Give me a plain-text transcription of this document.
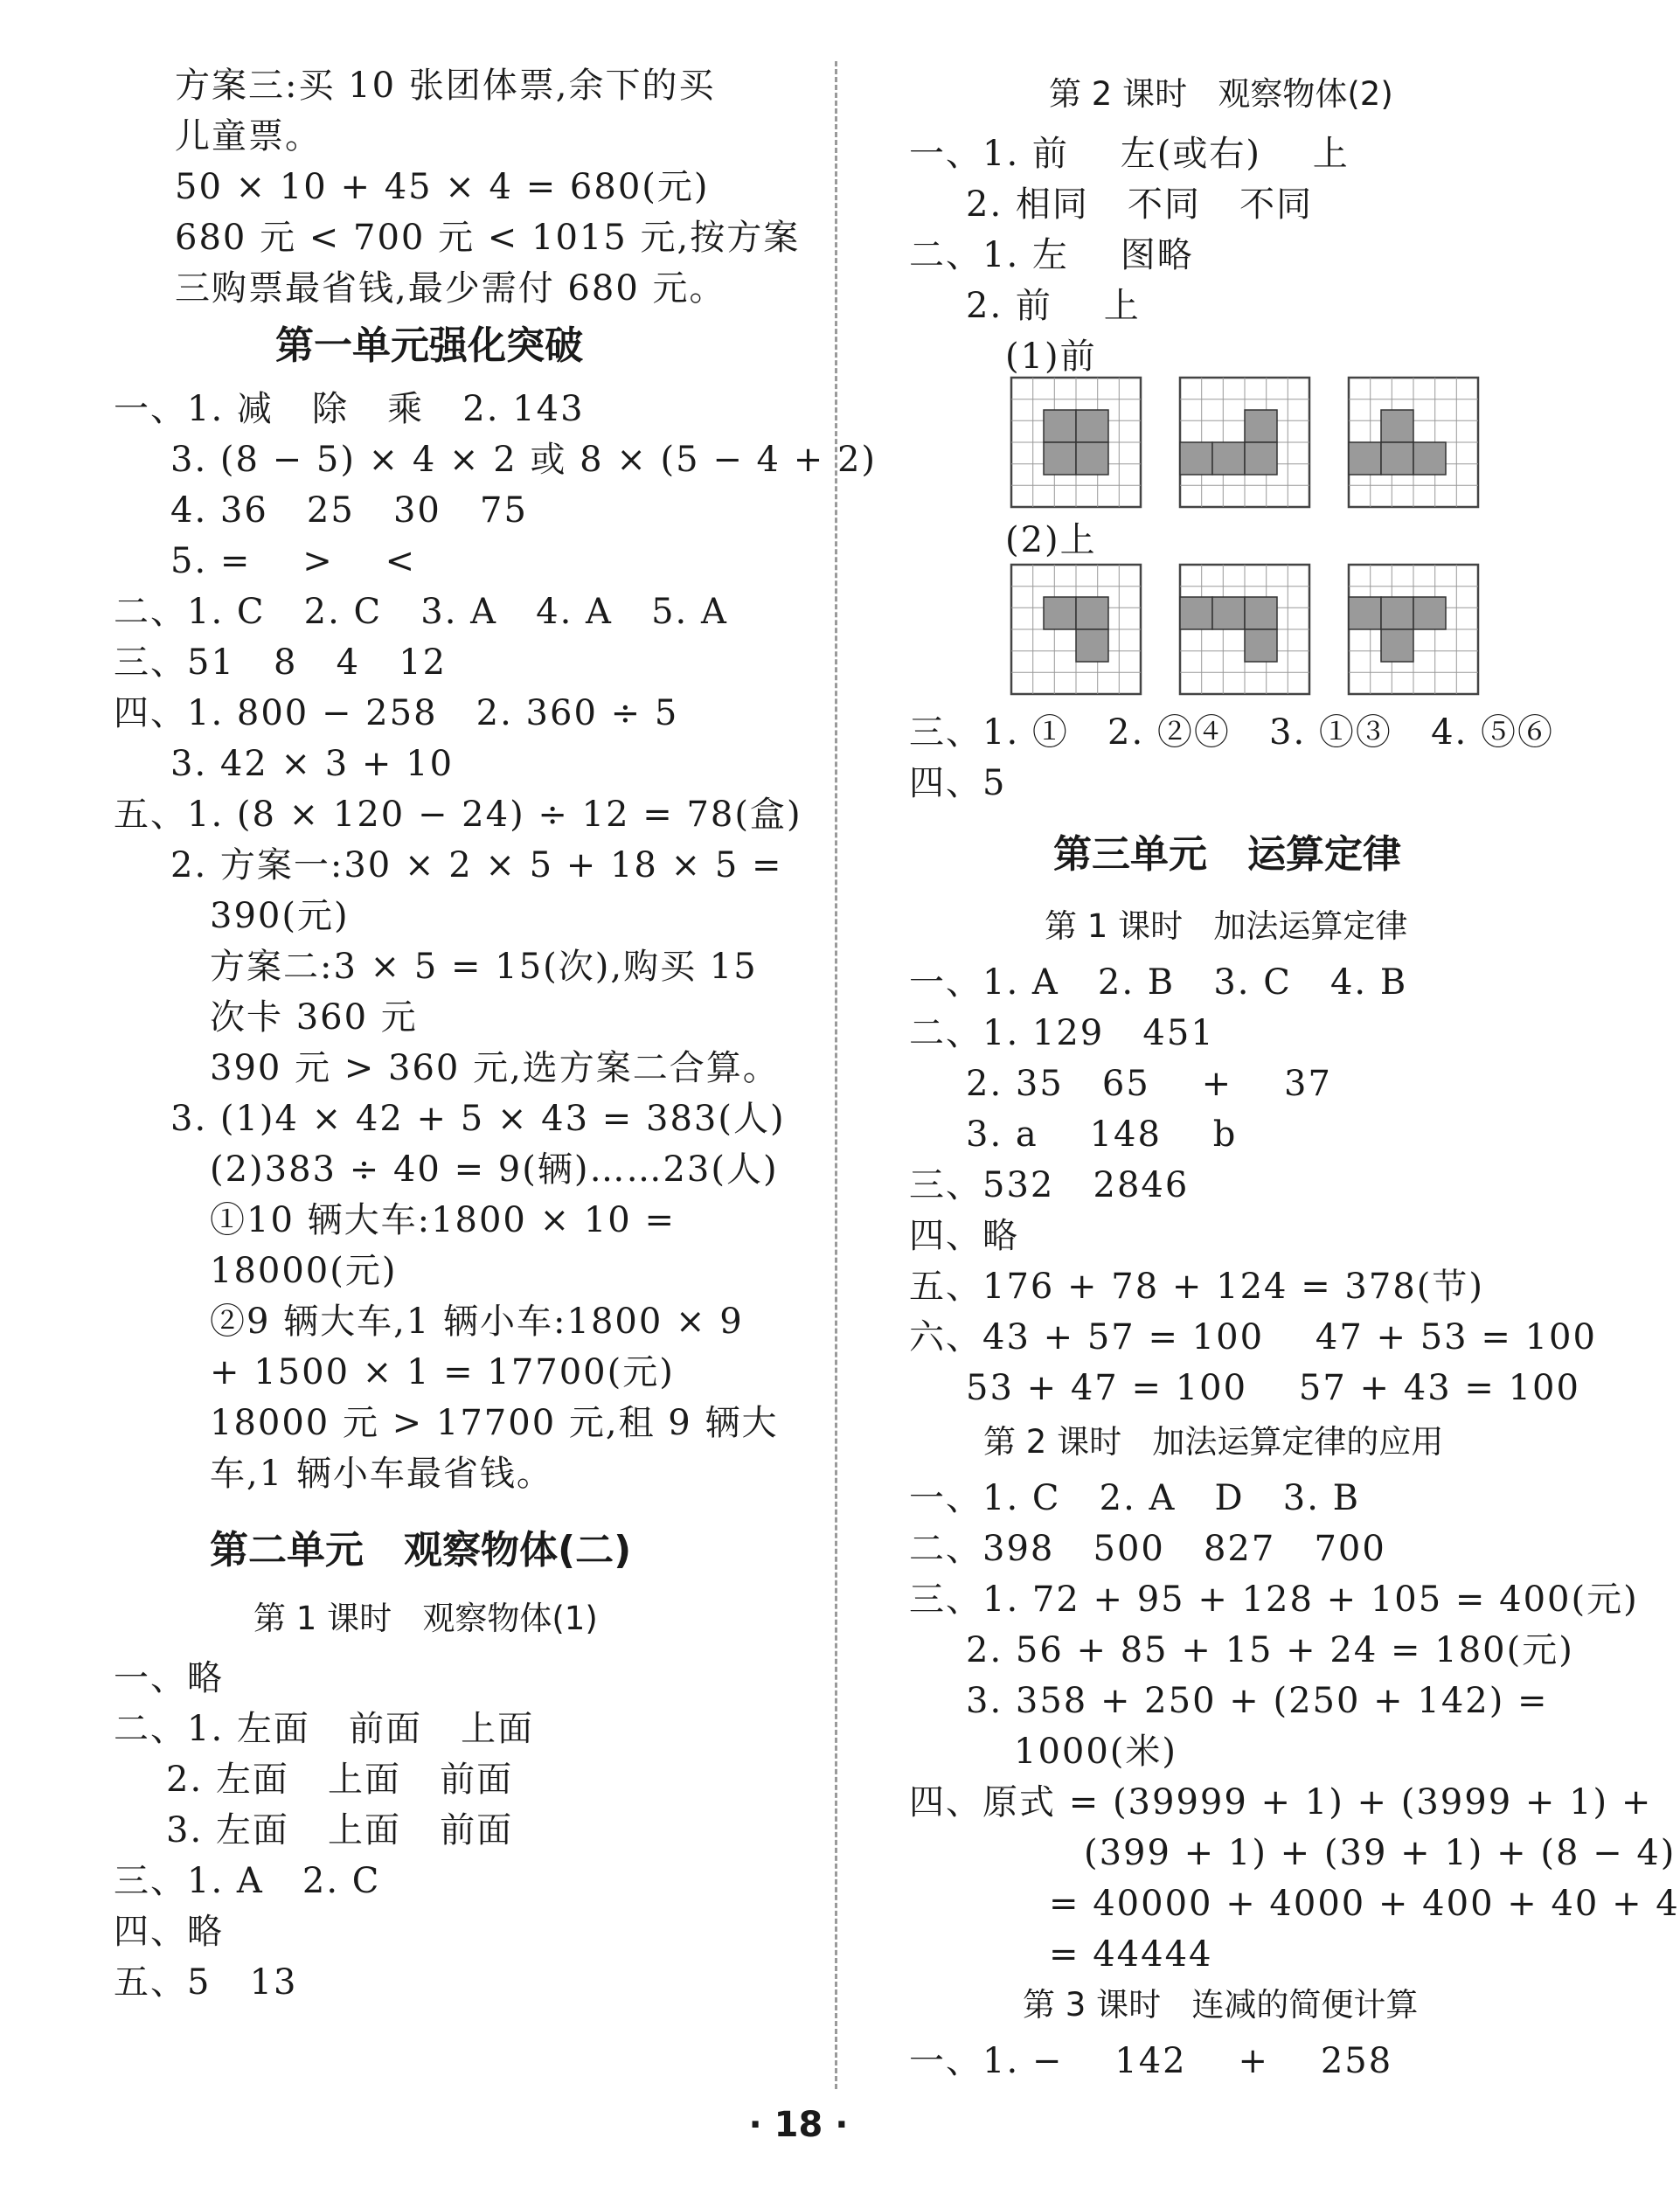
方案三:买 10 张团体票,余下的买
儿童票。
50 × 10 + 45 × 4 = 680(元)
680 元 < 700 元 < 1015 元,按方案
三购票最省钱,最少需付 680 元。
一、1. 减   除   乘   2. 143
3. (8 − 5) × 4 × 2 或 8 × (5 − 4 + 2)
4. 36   25   30   75
5. =    >    <
二、1. C   2. C   3. A   4. A   5. A
三、51   8   4   12
四、1. 800 − 258   2. 360 ÷ 5
3. 42 × 3 + 10
五、1. (8 × 120 − 24) ÷ 12 = 78(盒)
2. 方案一:30 × 2 × 5 + 18 × 5 =
390(元)
方案二:3 × 5 = 15(次),购买 15
次卡 360 元
390 元 > 360 元,选方案二合算。
3. (1)4 × 42 + 5 × 43 = 383(人)
(2)383 ÷ 40 = 9(辆)……23(人)
①10 辆大车:1800 × 10 =
18000(元)
②9 辆大车,1 辆小车:1800 × 9
+ 1500 × 1 = 17700(元)
18000 元 > 17700 元,租 9 辆大
车,1 辆小车最省钱。
一、略
二、1. 左面   前面   上面
2. 左面   上面   前面
3. 左面   上面   前面
三、1. A   2. C
四、略
五、5   13
第一单元强化突破
第二单元   观察物体(二)
第 1 课时   观察物体(1)
一、1. 前    左(或右)    上
2. 相同   不同   不同
二、1. 左    图略
2. 前    上
(1)前
(2)上
三、1. ①   2. ②④   3. ①③   4. ⑤⑥
四、5
一、1. A   2. B   3. C   4. B
二、1. 129   451
2. 35   65    +    37
3. a    148    b
三、532   2846
四、略
五、176 + 78 + 124 = 378(节)
六、43 + 57 = 100    47 + 53 = 100
53 + 47 = 100    57 + 43 = 100
一、1. C   2. A   D   3. B
二、398   500   827   700
三、1. 72 + 95 + 128 + 105 = 400(元)
2. 56 + 85 + 15 + 24 = 180(元)
3. 358 + 250 + (250 + 142) =
1000(米)
四、原式 = (39999 + 1) + (3999 + 1) +
(399 + 1) + (39 + 1) + (8 − 4)
= 40000 + 4000 + 400 + 40 + 4
= 44444
一、1. −    142    +    258
第 2 课时   观察物体(2)
第三单元   运算定律
第 1 课时   加法运算定律
第 2 课时   加法运算定律的应用
第 3 课时   连减的简便计算
· 18 ·
